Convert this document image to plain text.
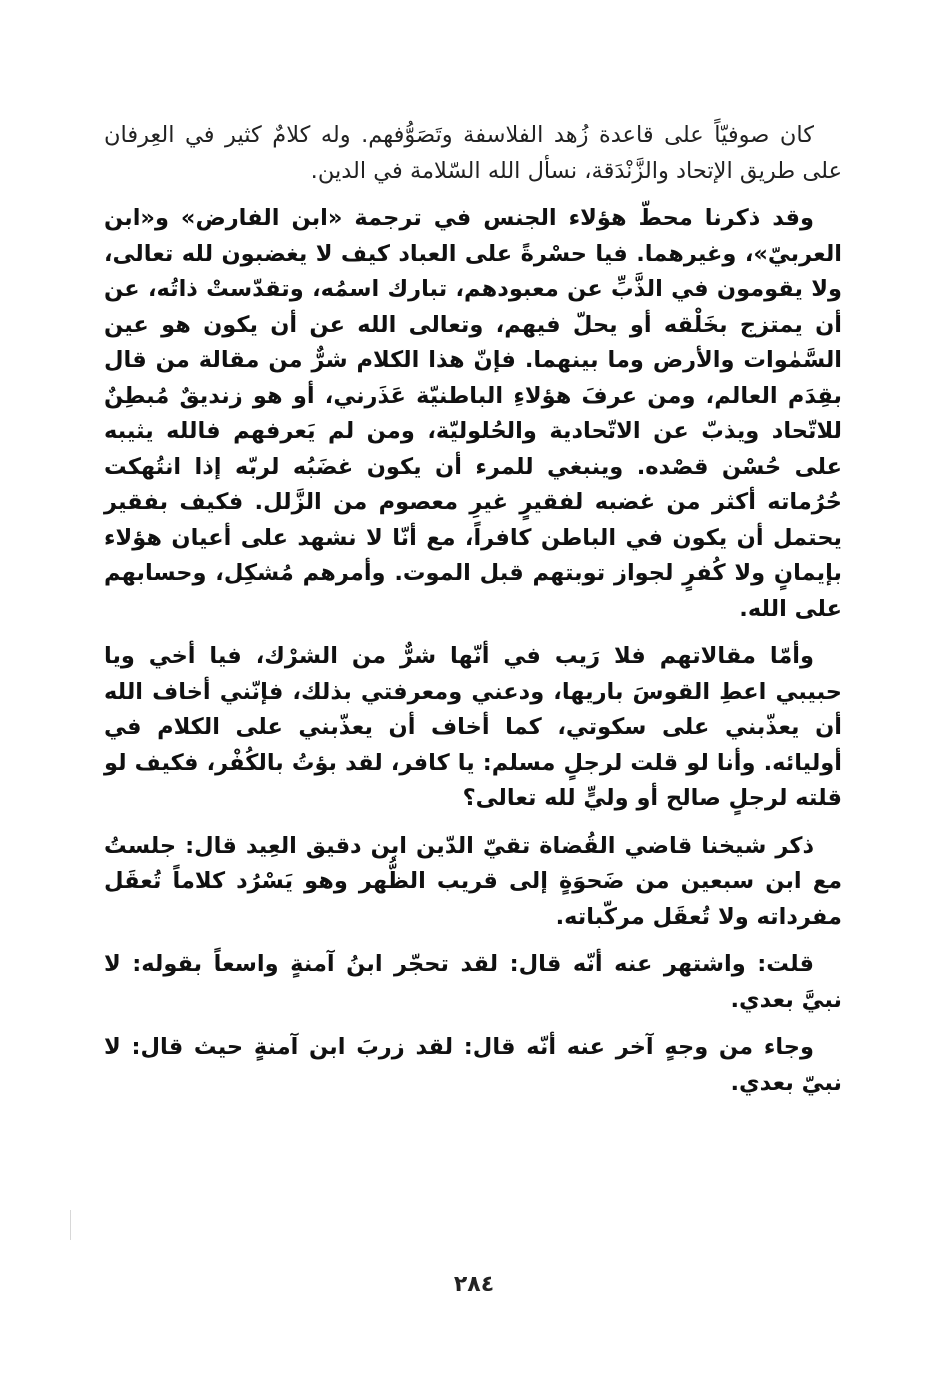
كان صوفيّاً على قاعدة زُهد الفلاسفة وتَصَوُّفهم. وله كلامٌ كثير في العِرفان على طريق الإتحاد والزَّنْدَقة، نسأل الله السّلامة في الدين.

وقد ذكرنا محطّ هؤلاء الجنس في ترجمة «ابن الفارض» و«ابن العربيّ»، وغيرهما. فيا حسْرةً على العباد كيف لا يغضبون لله تعالى، ولا يقومون في الذَّبِّ عن معبودهم، تبارك اسمُه، وتقدّستْ ذاتُه، عن أن يمتزج بخَلْقه أو يحلّ فيهم، وتعالى الله عن أن يكون هو عين السَّمٰوات والأرض وما بينهما. فإنّ هذا الكلام شرٌّ من مقالة من قال بقِدَم العالم، ومن عرفَ هؤلاءِ الباطنيّة عَذَرني، أو هو زنديقٌ مُبطِنٌ للاتّحاد ويذبّ عن الاتّحادية والحُلوليّة، ومن لم يَعرفهم فالله يثيبه على حُسْن قصْده. وينبغي للمرء أن يكون غضَبُه لربّه إذا انتُهكت حُرُماته أكثر من غضبه لفقيرٍ غيرِ معصوم من الزَّلل. فكيف بفقير يحتمل أن يكون في الباطن كافراً، مع أنّا لا نشهد على أعيان هؤلاء بإيمانٍ ولا كُفرٍ لجواز توبتهم قبل الموت. وأمرهم مُشكِل، وحسابهم على الله.

وأمّا مقالاتهم فلا رَيب في أنّها شرٌّ من الشرْك، فيا أخي ويا حبيبي اعطِ القوسَ باريها، ودعني ومعرفتي بذلك، فإنّني أخاف الله أن يعذّبني على سكوتي، كما أخاف أن يعذّبني على الكلام في أوليائه. وأنا لو قلت لرجلٍ مسلم: يا كافر، لقد بؤتُ بالكُفْر، فكيف لو قلته لرجلٍ صالح أو وليٍّ لله تعالى؟

ذكر شيخنا قاضي القُضاة تقيّ الدّين ابن دقيق العِيد قال: جلستُ مع ابن سبعين من ضَحوَةٍ إلى قريب الظُّهر وهو يَسْرُد كلاماً تُعقَل مفرداته ولا تُعقَل مركّباته.

قلت: واشتهر عنه أنّه قال: لقد تحجّر ابنُ آمنةٍ واسعاً بقوله: لا نبيَّ بعدي.

وجاء من وجهٍ آخر عنه أنّه قال: لقد زربَ ابن آمنةٍ حيث قال: لا نبيّ بعدي.

٢٨٤
